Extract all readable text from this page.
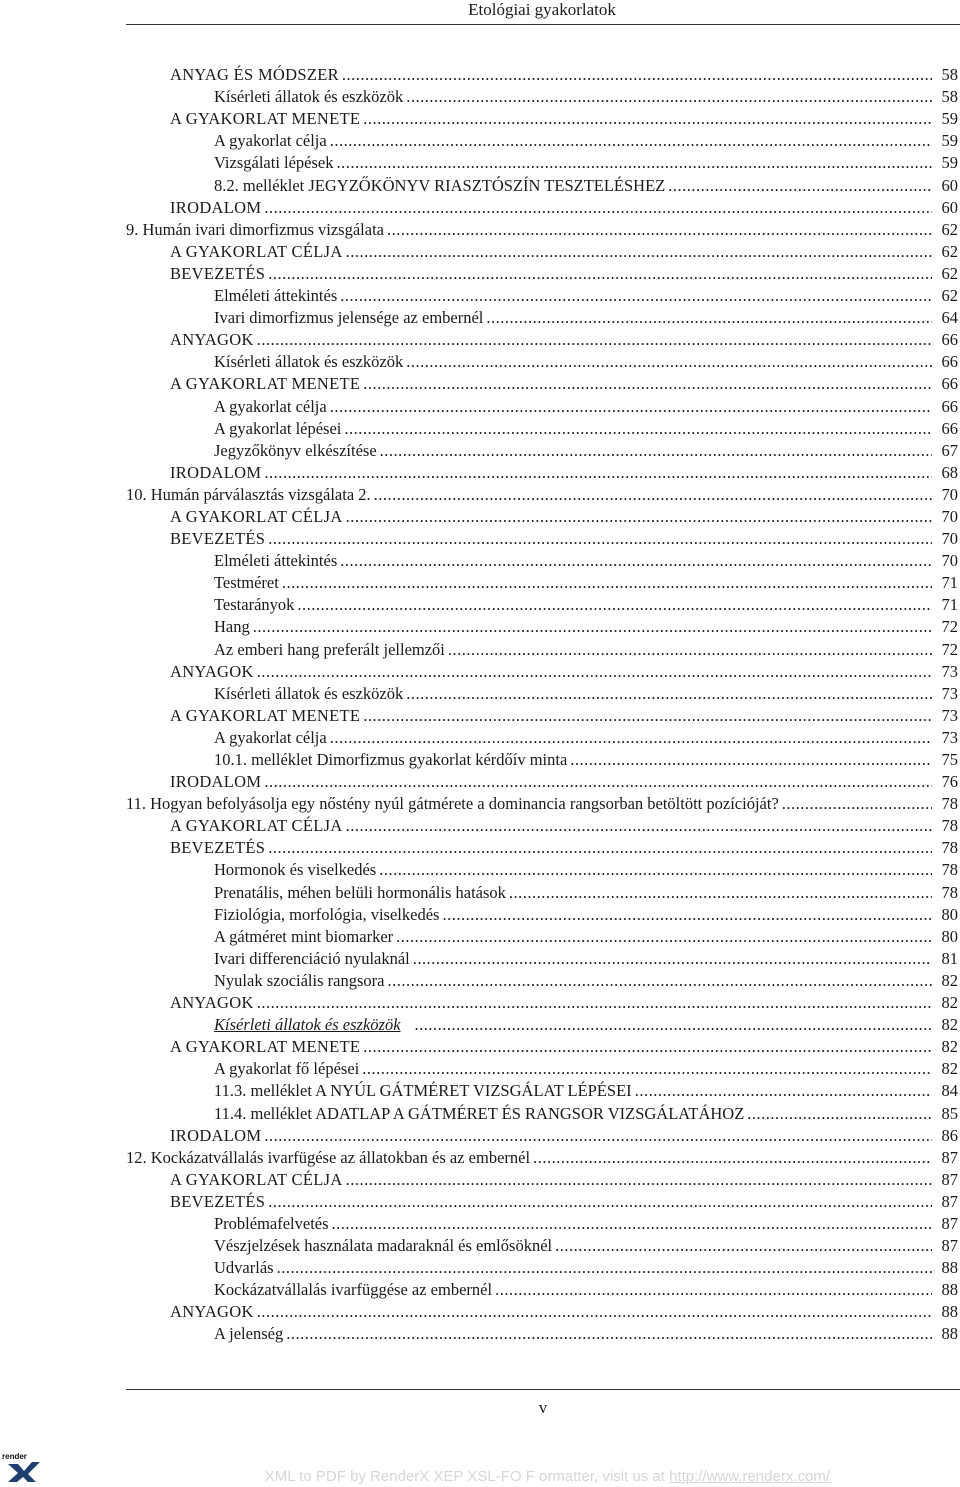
Etológiai gyakorlatok
ANYAG ÉS MÓDSZER .....	58
Kísérleti állatok és eszközök .....	58
A GYAKORLAT MENETE .....	59
A gyakorlat célja .....	59
Vizsgálati lépések .....	59
8.2. melléklet JEGYZŐKÖNYV RIASZTÓSZÍN TESZTELÉSHEZ .....	60
IRODALOM .....	60
9. Humán ivari dimorfizmus vizsgálata .....	62
A GYAKORLAT CÉLJA .....	62
BEVEZETÉS .....	62
Elméleti áttekintés .....	62
Ivari dimorfizmus jelensége az embernél .....	64
ANYAGOK .....	66
Kísérleti állatok és eszközök .....	66
A GYAKORLAT MENETE .....	66
A gyakorlat célja .....	66
A gyakorlat lépései .....	66
Jegyzőkönyv elkészítése .....	67
IRODALOM .....	68
10. Humán párválasztás vizsgálata 2. .....	70
A GYAKORLAT CÉLJA .....	70
BEVEZETÉS .....	70
Elméleti áttekintés .....	70
Testméret .....	71
Testarányok .....	71
Hang .....	72
Az emberi hang preferált jellemzői .....	72
ANYAGOK .....	73
Kísérleti állatok és eszközök .....	73
A GYAKORLAT MENETE .....	73
A gyakorlat célja .....	73
10.1. melléklet Dimorfizmus gyakorlat kérdőív minta .....	75
IRODALOM .....	76
11. Hogyan befolyásolja egy nőstény nyúl gátmérete a dominancia rangsorban betöltött pozícióját? .....	78
A GYAKORLAT CÉLJA .....	78
BEVEZETÉS .....	78
Hormonok és viselkedés .....	78
Prenatális, méhen belüli hormonális hatások .....	78
Fiziológia, morfológia, viselkedés .....	80
A gátméret mint biomarker .....	80
Ivari differenciáció nyulaknál .....	81
Nyulak szociális rangsora .....	82
ANYAGOK .....	82
Kísérleti állatok és eszközök .....	82
A GYAKORLAT MENETE .....	82
A gyakorlat fő lépései .....	82
11.3. melléklet A NYÚL GÁTMÉRET VIZSGÁLAT LÉPÉSEI .....	84
11.4. melléklet ADATLAP A GÁTMÉRET ÉS RANGSOR VIZSGÁLATÁHOZ .....	85
IRODALOM .....	86
12. Kockázatvállalás ivarfügése az állatokban és az embernél .....	87
A GYAKORLAT CÉLJA .....	87
BEVEZETÉS .....	87
Problémafelvetés .....	87
Vészjelzések használata madaraknál és emlősöknél .....	87
Udvarlás .....	88
Kockázatvállalás ivarfüggése az embernél .....	88
ANYAGOK .....	88
A jelenség .....	88
v
render
XML to PDF by RenderX XEP XSL-FO F ormatter, visit us at http://www.renderx.com/
